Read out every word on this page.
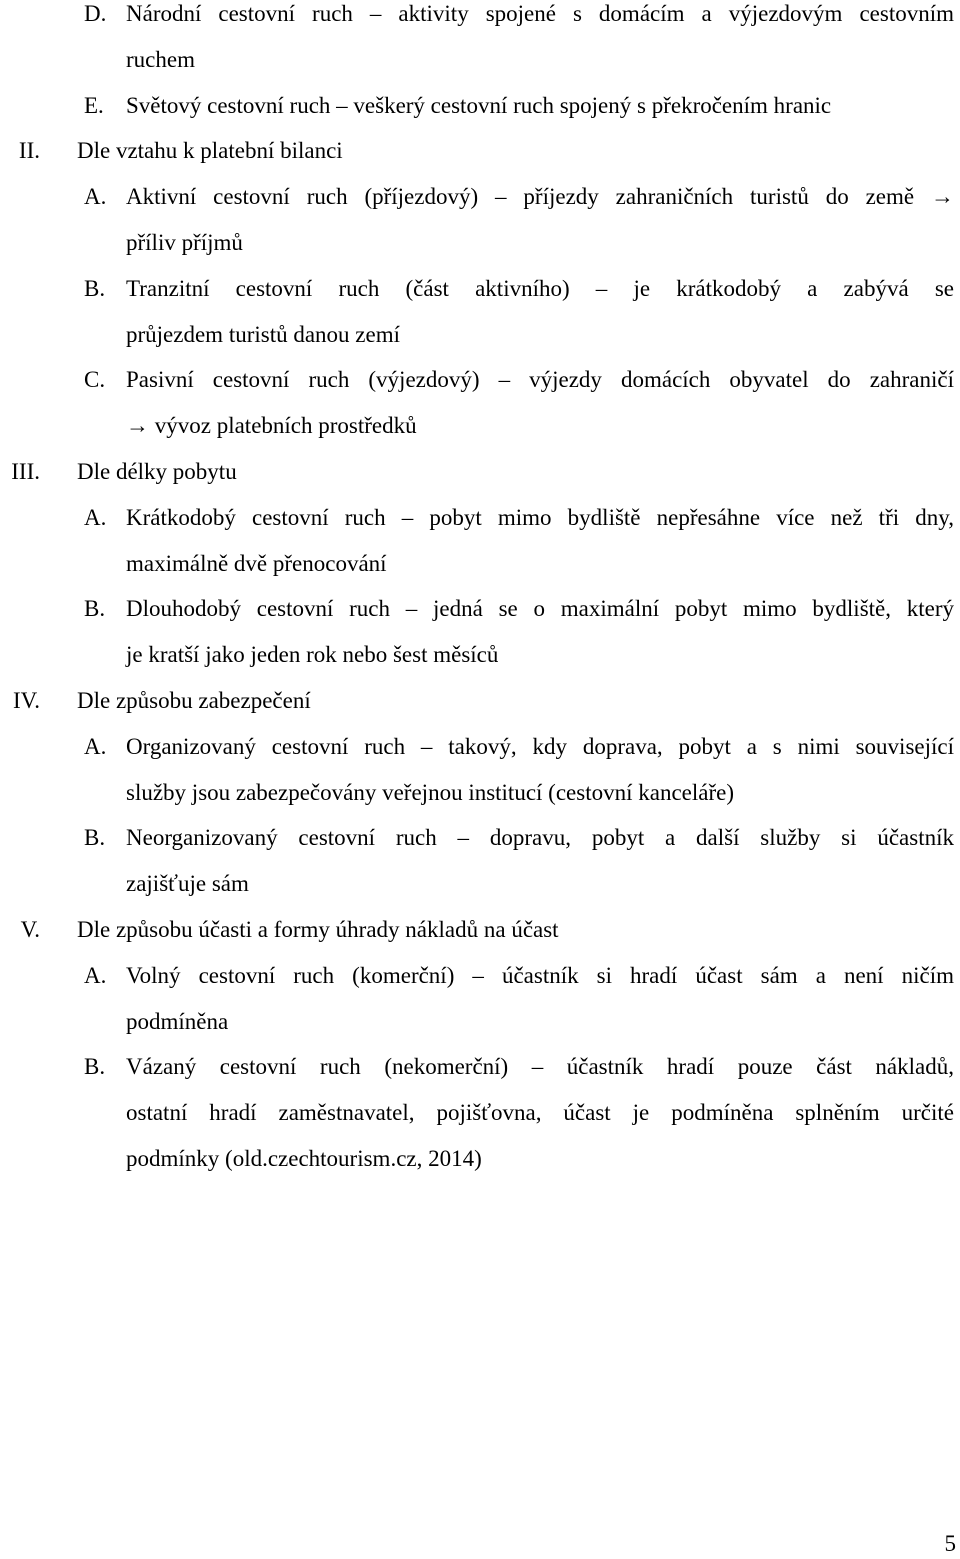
D. Národní cestovní ruch – aktivity spojené s domácím a výjezdovým cestovním
ruchem
E. Světový cestovní ruch – veškerý cestovní ruch spojený s překročením hranic
II. Dle vztahu k platební bilanci
A. Aktivní cestovní ruch (příjezdový) – příjezdy zahraničních turistů do země →
příliv příjmů
B. Tranzitní cestovní ruch (část aktivního) – je krátkodobý a zabývá se
průjezdem turistů danou zemí
C. Pasivní cestovní ruch (výjezdový) – výjezdy domácích obyvatel do zahraničí
→ vývoz platebních prostředků
III. Dle délky pobytu
A. Krátkodobý cestovní ruch – pobyt mimo bydliště nepřesáhne více než tři dny,
maximálně dvě přenocování
B. Dlouhodobý cestovní ruch – jedná se o maximální pobyt mimo bydliště, který
je kratší jako jeden rok nebo šest měsíců
IV. Dle způsobu zabezpečení
A. Organizovaný cestovní ruch – takový, kdy doprava, pobyt a s nimi související
služby jsou zabezpečovány veřejnou institucí (cestovní kanceláře)
B. Neorganizovaný cestovní ruch – dopravu, pobyt a další služby si účastník
zajišťuje sám
V. Dle způsobu účasti a formy úhrady nákladů na účast
A. Volný cestovní ruch (komerční) – účastník si hradí účast sám a není ničím
podmíněna
B. Vázaný cestovní ruch (nekomerční) – účastník hradí pouze část nákladů,
ostatní hradí zaměstnavatel, pojišťovna, účast je podmíněna splněním určité
podmínky (old.czechtourism.cz, 2014)
5
